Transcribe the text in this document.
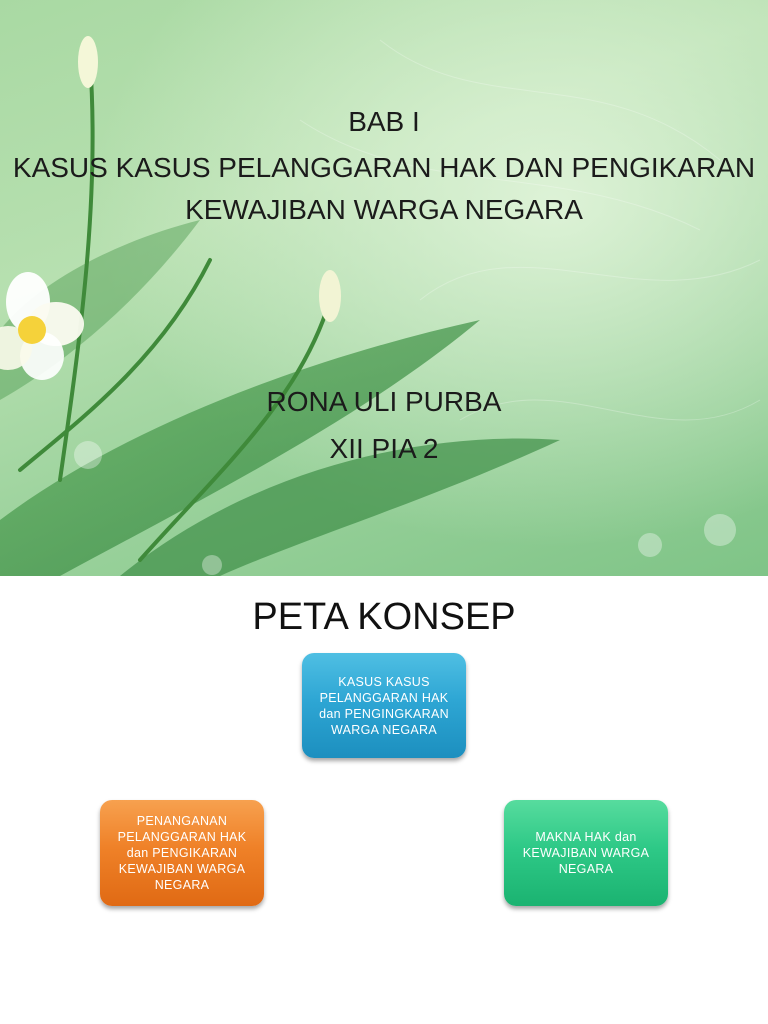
BAB I
KASUS KASUS PELANGGARAN HAK DAN PENGIKARAN
KEWAJIBAN WARGA NEGARA
RONA ULI PURBA
XII PIA 2
PETA KONSEP
KASUS KASUS PELANGGARAN HAK dan PENGINGKARAN WARGA NEGARA
PENANGANAN PELANGGARAN HAK dan PENGIKARAN KEWAJIBAN WARGA NEGARA
MAKNA HAK dan KEWAJIBAN WARGA NEGARA
